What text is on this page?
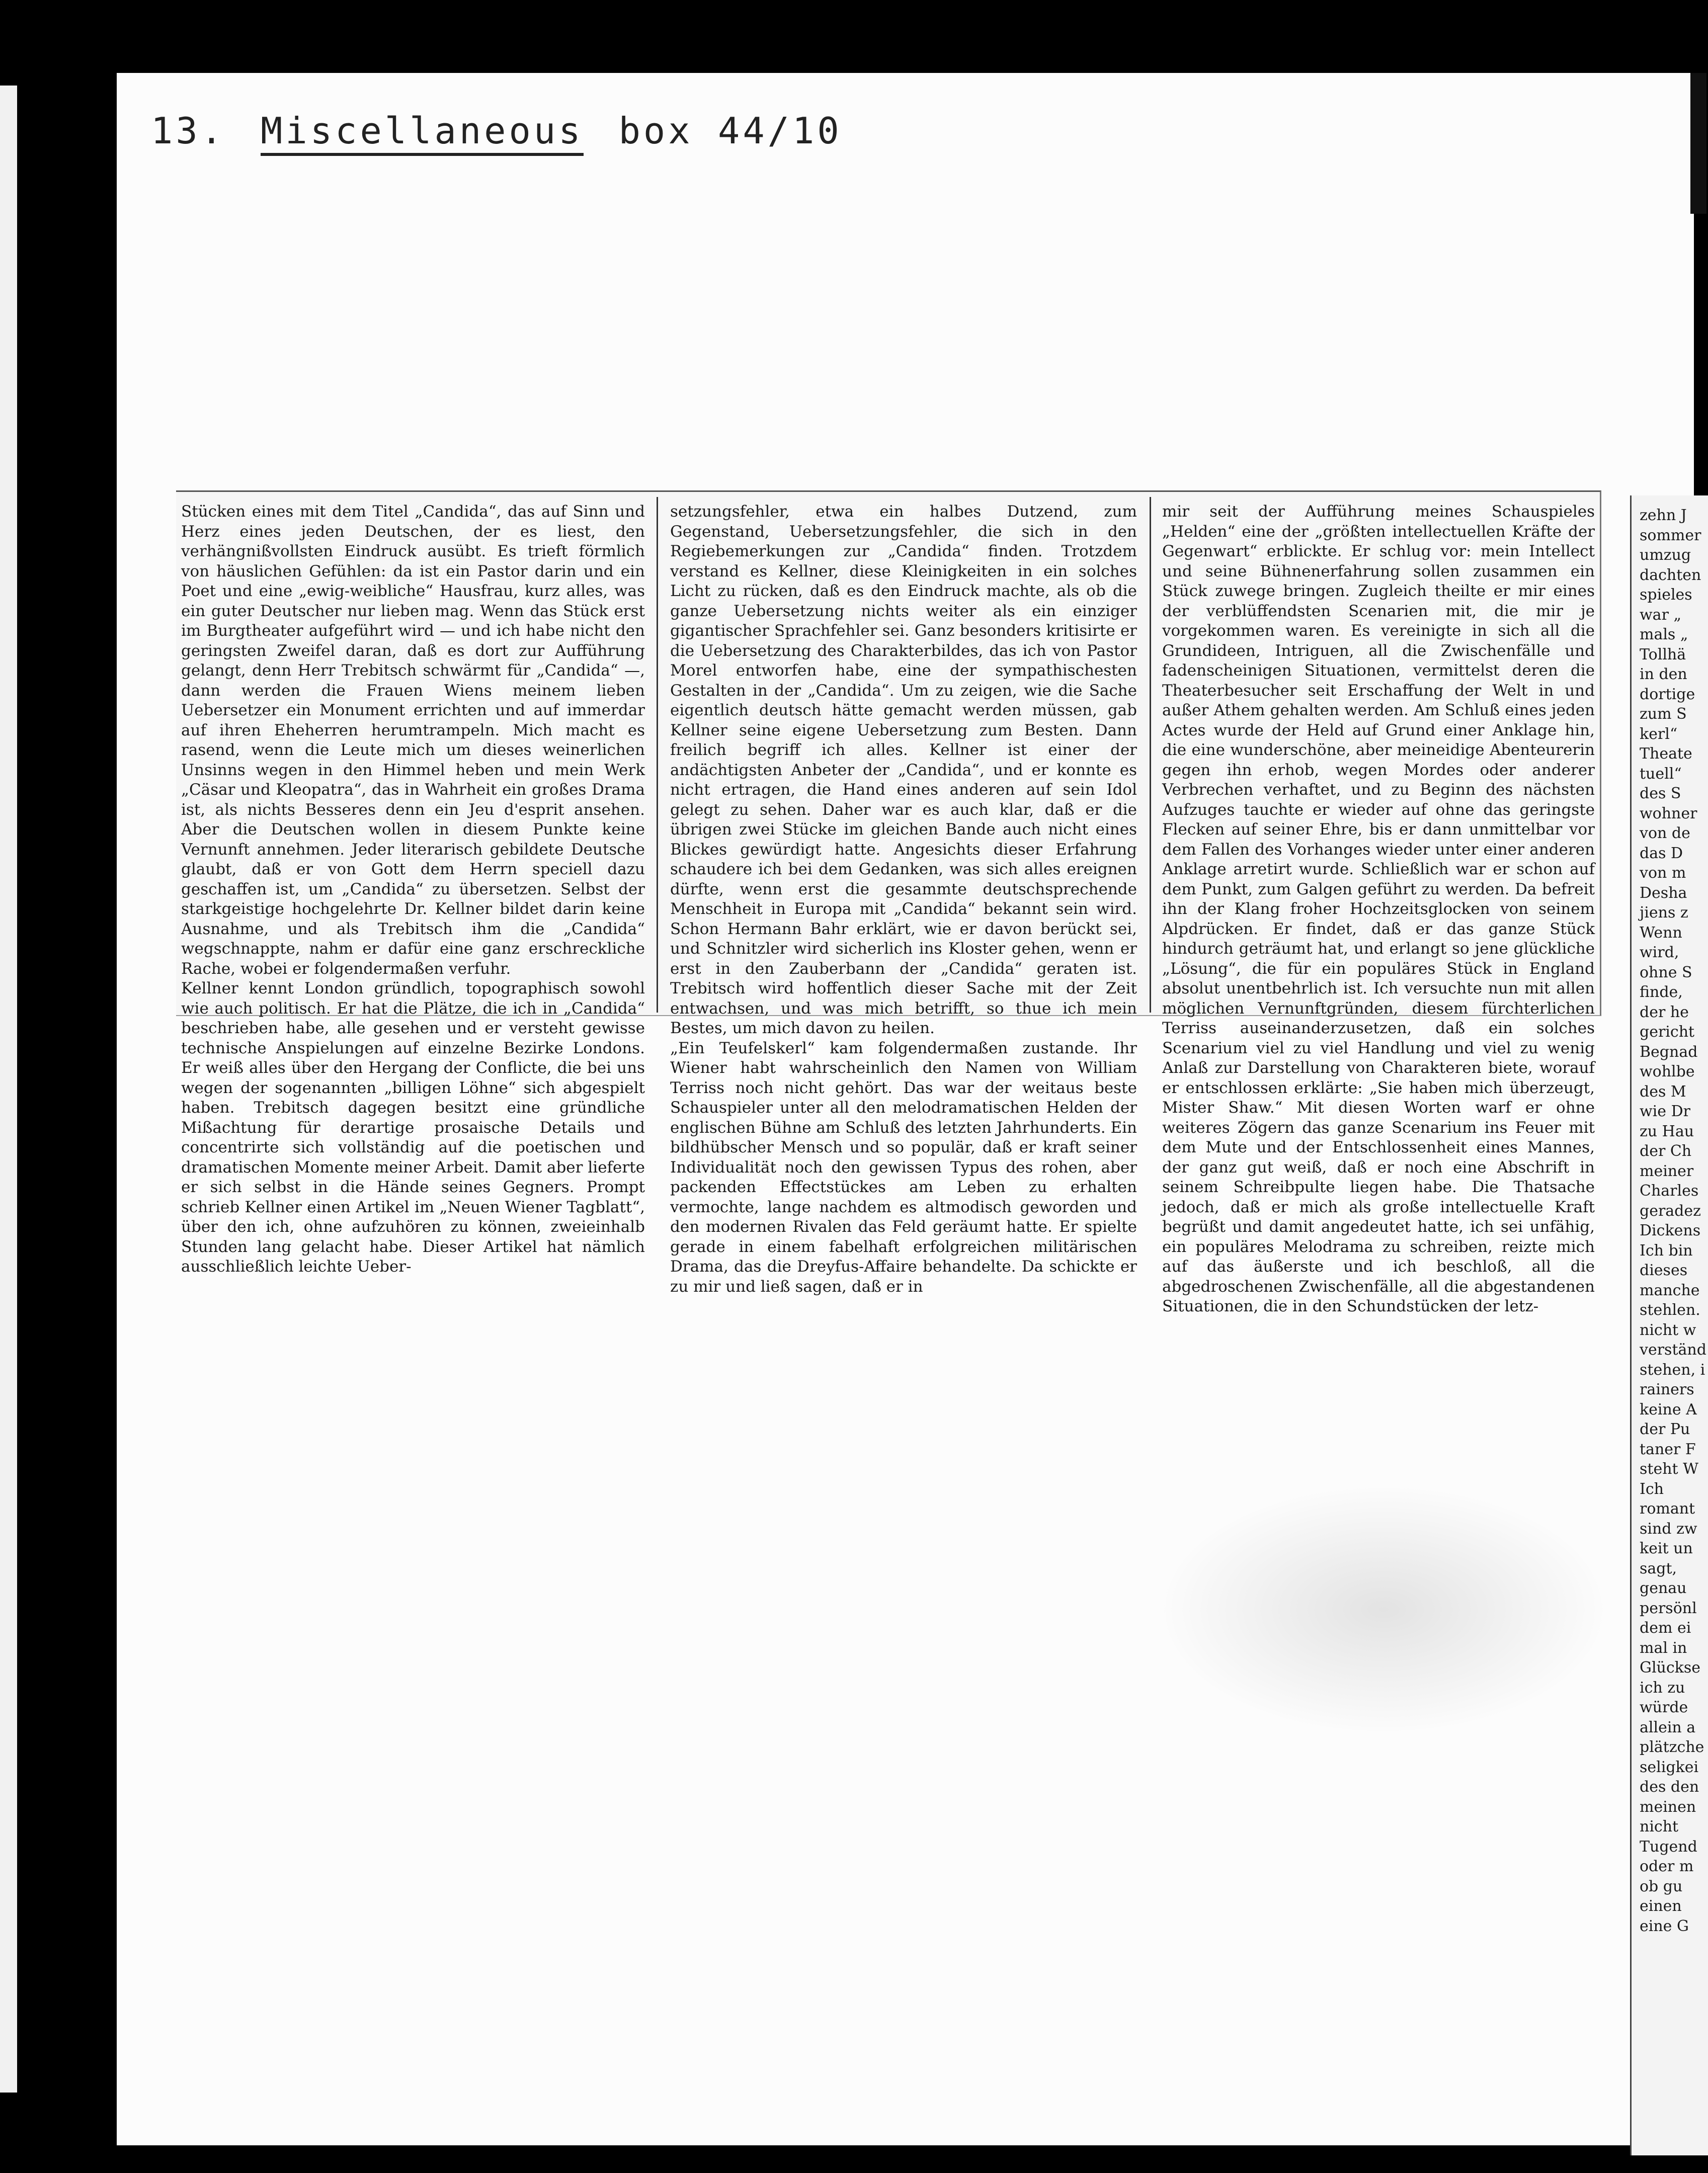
13. Miscellaneous box 44/10

Stücken eines mit dem Titel „Candida“, das auf Sinn und Herz eines jeden Deutschen, der es liest, den verhängnißvollsten Eindruck ausübt. Es trieft förmlich von häuslichen Gefühlen: da ist ein Pastor darin und ein Poet und eine „ewig-weibliche“ Hausfrau, kurz alles, was ein guter Deutscher nur lieben mag. Wenn das Stück erst im Burgtheater aufgeführt wird — und ich habe nicht den geringsten Zweifel daran, daß es dort zur Aufführung gelangt, denn Herr Trebitsch schwärmt für „Candida“ —, dann werden die Frauen Wiens meinem lieben Uebersetzer ein Monument errichten und auf immerdar auf ihren Eheherren herumtrampeln. Mich macht es rasend, wenn die Leute mich um dieses weinerlichen Unsinns wegen in den Himmel heben und mein Werk „Cäsar und Kleopatra“, das in Wahrheit ein großes Drama ist, als nichts Besseres denn ein Jeu d'esprit ansehen. Aber die Deutschen wollen in diesem Punkte keine Vernunft annehmen. Jeder literarisch gebildete Deutsche glaubt, daß er von Gott dem Herrn speciell dazu geschaffen ist, um „Candida“ zu übersetzen. Selbst der starkgeistige hochgelehrte Dr. Kellner bildet darin keine Ausnahme, und als Trebitsch ihm die „Candida“ wegschnappte, nahm er dafür eine ganz erschreckliche Rache, wobei er folgendermaßen verfuhr.

Kellner kennt London gründlich, topographisch sowohl wie auch politisch. Er hat die Plätze, die ich in „Candida“ beschrieben habe, alle gesehen und er versteht gewisse technische Anspielungen auf einzelne Bezirke Londons. Er weiß alles über den Hergang der Conflicte, die bei uns wegen der sogenannten „billigen Löhne“ sich abgespielt haben. Trebitsch dagegen besitzt eine gründliche Mißachtung für derartige prosaische Details und concentrirte sich vollständig auf die poetischen und dramatischen Momente meiner Arbeit. Damit aber lieferte er sich selbst in die Hände seines Gegners. Prompt schrieb Kellner einen Artikel im „Neuen Wiener Tagblatt“, über den ich, ohne aufzuhören zu können, zweieinhalb Stunden lang gelacht habe. Dieser Artikel hat nämlich ausschließlich leichte Ueber-

setzungsfehler, etwa ein halbes Dutzend, zum Gegenstand, Uebersetzungsfehler, die sich in den Regiebemerkungen zur „Candida“ finden. Trotzdem verstand es Kellner, diese Kleinigkeiten in ein solches Licht zu rücken, daß es den Eindruck machte, als ob die ganze Uebersetzung nichts weiter als ein einziger gigantischer Sprachfehler sei. Ganz besonders kritisirte er die Uebersetzung des Charakterbildes, das ich von Pastor Morel entworfen habe, eine der sympathischesten Gestalten in der „Candida“. Um zu zeigen, wie die Sache eigentlich deutsch hätte gemacht werden müssen, gab Kellner seine eigene Uebersetzung zum Besten. Dann freilich begriff ich alles. Kellner ist einer der andächtigsten Anbeter der „Candida“, und er konnte es nicht ertragen, die Hand eines anderen auf sein Idol gelegt zu sehen. Daher war es auch klar, daß er die übrigen zwei Stücke im gleichen Bande auch nicht eines Blickes gewürdigt hatte. Angesichts dieser Erfahrung schaudere ich bei dem Gedanken, was sich alles ereignen dürfte, wenn erst die gesammte deutschsprechende Menschheit in Europa mit „Candida“ bekannt sein wird. Schon Hermann Bahr erklärt, wie er davon berückt sei, und Schnitzler wird sicherlich ins Kloster gehen, wenn er erst in den Zauberbann der „Candida“ geraten ist. Trebitsch wird hoffentlich dieser Sache mit der Zeit entwachsen, und was mich betrifft, so thue ich mein Bestes, um mich davon zu heilen.

„Ein Teufelskerl“ kam folgendermaßen zustande. Ihr Wiener habt wahrscheinlich den Namen von William Terriss noch nicht gehört. Das war der weitaus beste Schauspieler unter all den melodramatischen Helden der englischen Bühne am Schluß des letzten Jahrhunderts. Ein bildhübscher Mensch und so populär, daß er kraft seiner Individualität noch den gewissen Typus des rohen, aber packenden Effectstückes am Leben zu erhalten vermochte, lange nachdem es altmodisch geworden und den modernen Rivalen das Feld geräumt hatte. Er spielte gerade in einem fabelhaft erfolgreichen militärischen Drama, das die Dreyfus-Affaire behandelte. Da schickte er zu mir und ließ sagen, daß er in

mir seit der Aufführung meines Schauspieles „Helden“ eine der „größten intellectuellen Kräfte der Gegenwart“ erblickte. Er schlug vor: mein Intellect und seine Bühnenerfahrung sollen zusammen ein Stück zuwege bringen. Zugleich theilte er mir eines der verblüffendsten Scenarien mit, die mir je vorgekommen waren. Es vereinigte in sich all die Grundideen, Intriguen, all die Zwischenfälle und fadenscheinigen Situationen, vermittelst deren die Theaterbesucher seit Erschaffung der Welt in und außer Athem gehalten werden. Am Schluß eines jeden Actes wurde der Held auf Grund einer Anklage hin, die eine wunderschöne, aber meineidige Abenteurerin gegen ihn erhob, wegen Mordes oder anderer Verbrechen verhaftet, und zu Beginn des nächsten Aufzuges tauchte er wieder auf ohne das geringste Flecken auf seiner Ehre, bis er dann unmittelbar vor dem Fallen des Vorhanges wieder unter einer anderen Anklage arretirt wurde. Schließlich war er schon auf dem Punkt, zum Galgen geführt zu werden. Da befreit ihn der Klang froher Hochzeitsglocken von seinem Alpdrücken. Er findet, daß er das ganze Stück hindurch geträumt hat, und erlangt so jene glückliche „Lösung“, die für ein populäres Stück in England absolut unentbehrlich ist. Ich versuchte nun mit allen möglichen Vernunftgründen, diesem fürchterlichen Terriss auseinanderzusetzen, daß ein solches Scenarium viel zu viel Handlung und viel zu wenig Anlaß zur Darstellung von Charakteren biete, worauf er entschlossen erklärte: „Sie haben mich überzeugt, Mister Shaw.“ Mit diesen Worten warf er ohne weiteres Zögern das ganze Scenarium ins Feuer mit dem Mute und der Entschlossenheit eines Mannes, der ganz gut weiß, daß er noch eine Abschrift in seinem Schreibpulte liegen habe. Die Thatsache jedoch, daß er mich als große intellectuelle Kraft begrüßt und damit angedeutet hatte, ich sei unfähig, ein populäres Melodrama zu schreiben, reizte mich auf das äußerste und ich beschloß, all die abgedroschenen Zwischenfälle, all die abgestandenen Situationen, die in den Schundstücken der letz-

zehn J
sommer
umzug
dachten
spieles
war „
mals „
Tollhä
in den
dortige
zum S
kerl“
Theate
tuell“
des S
wohner
von de
das D
von m
Desha
jiens z
Wenn
wird,
ohne S
finde,
der he
gericht
Begnad
wohlbe
des M
wie Dr
zu Hau
der Ch
meiner
Charles
geradez
Dickens
Ich bin
dieses
manche
stehlen.
nicht w
verständ
stehen, i
rainers
keine A
der Pu
taner F
steht W
Ich
romant
sind zw
keit un
sagt,
genau
persönl
dem ei
mal in
Glückse
ich zu
würde
allein a
plätzche
seligkei
des den
meinen
nicht
Tugend
oder m
ob gu
einen
eine G
